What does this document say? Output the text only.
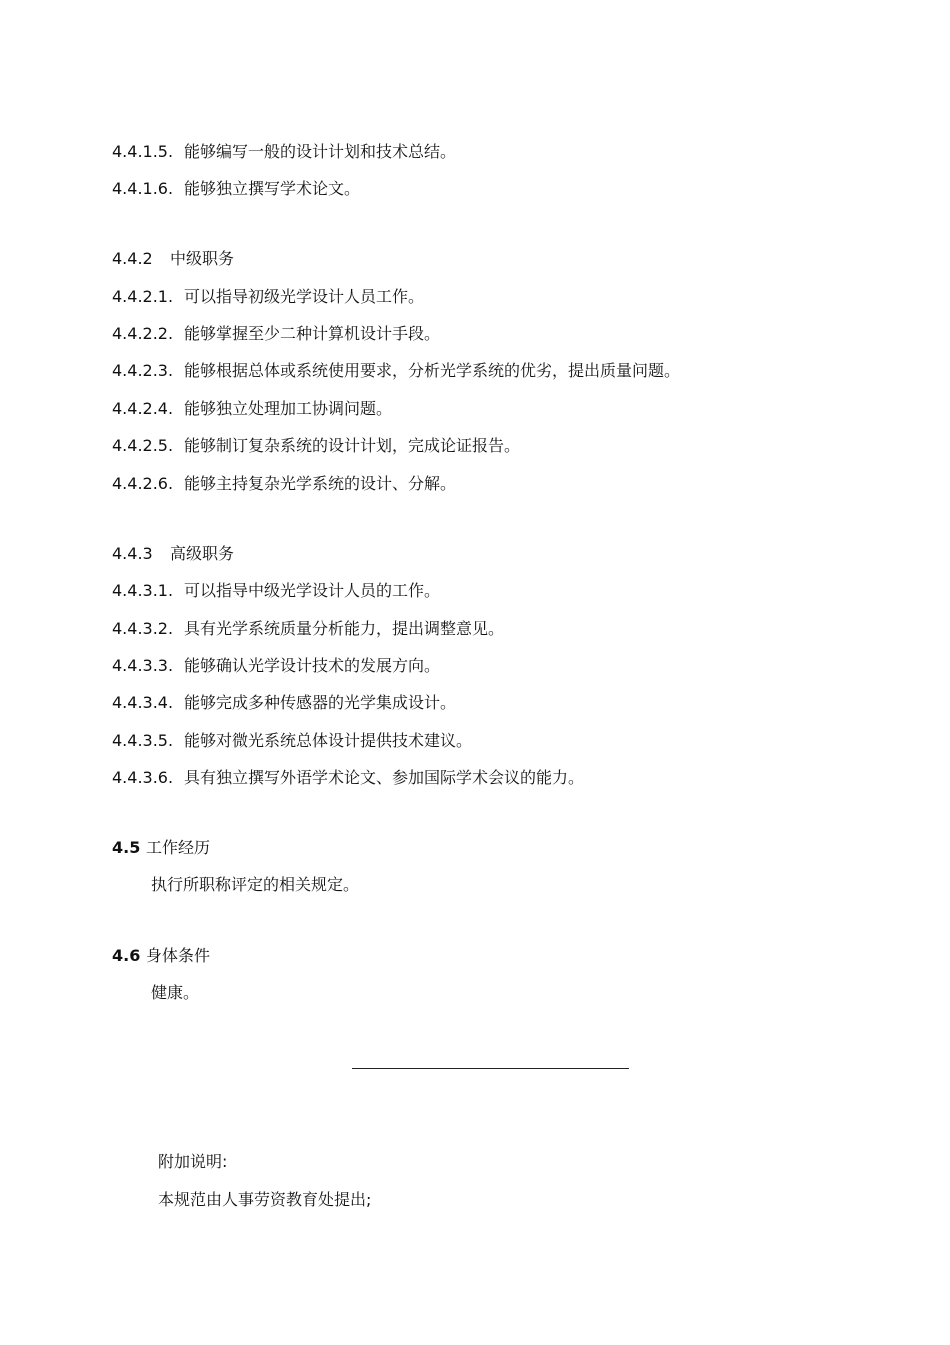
4.4.1.5. 能够编写一般的设计计划和技术总结。
4.4.1.6. 能够独立撰写学术论文。
4.4.2 中级职务
4.4.2.1. 可以指导初级光学设计人员工作。
4.4.2.2. 能够掌握至少二种计算机设计手段。
4.4.2.3. 能够根据总体或系统使用要求，分析光学系统的优劣，提出质量问题。
4.4.2.4. 能够独立处理加工协调问题。
4.4.2.5. 能够制订复杂系统的设计计划，完成论证报告。
4.4.2.6. 能够主持复杂光学系统的设计、分解。
4.4.3 高级职务
4.4.3.1. 可以指导中级光学设计人员的工作。
4.4.3.2. 具有光学系统质量分析能力，提出调整意见。
4.4.3.3. 能够确认光学设计技术的发展方向。
4.4.3.4. 能够完成多种传感器的光学集成设计。
4.4.3.5. 能够对微光系统总体设计提供技术建议。
4.4.3.6. 具有独立撰写外语学术论文、参加国际学术会议的能力。
4.5 工作经历
执行所职称评定的相关规定。
4.6 身体条件
健康。
附加说明:
本规范由人事劳资教育处提出;
